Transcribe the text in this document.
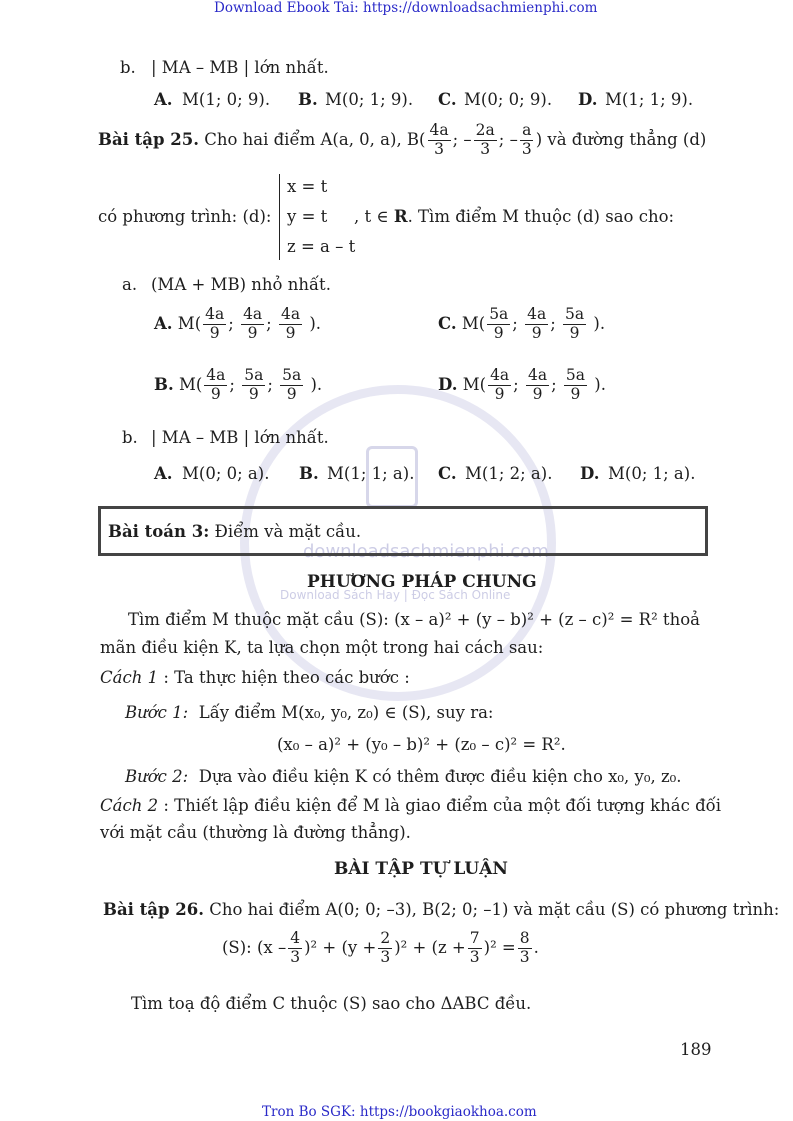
Download Ebook Tai: https://downloadsachmienphi.com
Tron Bo SGK: https://bookgiaokhoa.com
downloadsachmienphi.com
Download Sách Hay | Đọc Sách Online
b. | MA – MB | lớn nhất.
A. M(1; 0; 9). B. M(0; 1; 9). C. M(0; 0; 9). D. M(1; 1; 9).
Bài tập 25. Cho hai điểm A(a, 0, a), $B( \frac{4a}{3}$ ; – $\frac{2a}{3}$ ; – $\frac{a}{3}$ ) và đường thẳng (d)
có phương trình: (d):
x = t
y = t
z = a – t
, t ∈ R. Tìm điểm M thuộc (d) sao cho:
a. (MA + MB) nhỏ nhất.
A. $M( \frac{4a}{9}$ ; $\frac{4a}{9}$ ; $\frac{4a}{9}$ ).	C. $M( \frac{5a}{9}$ ; $\frac{4a}{9}$ ; $\frac{5a}{9}$ ).
B. $M( \frac{4a}{9}$ ; $\frac{5a}{9}$ ; $\frac{5a}{9}$ ).	D. $M( \frac{4a}{9}$ ; $\frac{4a}{9}$ ; $\frac{5a}{9}$ ).
b. | MA – MB | lớn nhất.
A. M(0; 0; a). B. M(1; 1; a). C. M(1; 2; a). D. M(0; 1; a).
Bài toán 3: Điểm và mặt cầu.
PHƯƠNG PHÁP CHUNG
Tìm điểm M thuộc mặt cầu (S): (x – a)² + (y – b)² + (z – c)² = R² thoả
mãn điều kiện K, ta lựa chọn một trong hai cách sau:
Cách 1 : Ta thực hiện theo các bước :
Bước 1: Lấy điểm M(x₀, y₀, z₀) ∈ (S), suy ra:
(x₀ – a)² + (y₀ – b)² + (z₀ – c)² = R².
Bước 2: Dựa vào điều kiện K có thêm được điều kiện cho x₀, y₀, z₀.
Cách 2 : Thiết lập điều kiện để M là giao điểm của một đối tượng khác đối
với mặt cầu (thường là đường thẳng).
BÀI TẬP TỰ LUẬN
Bài tập 26. Cho hai điểm A(0; 0; –3), B(2; 0; –1) và mặt cầu (S) có phương trình:
(S): $(x - \frac{4}{3} )^2 + (y + \frac{2}{3} )^2 + (z + \frac{7}{3} )^2 = \frac{8}{3}$ .
Tìm toạ độ điểm C thuộc (S) sao cho ΔABC đều.
189
